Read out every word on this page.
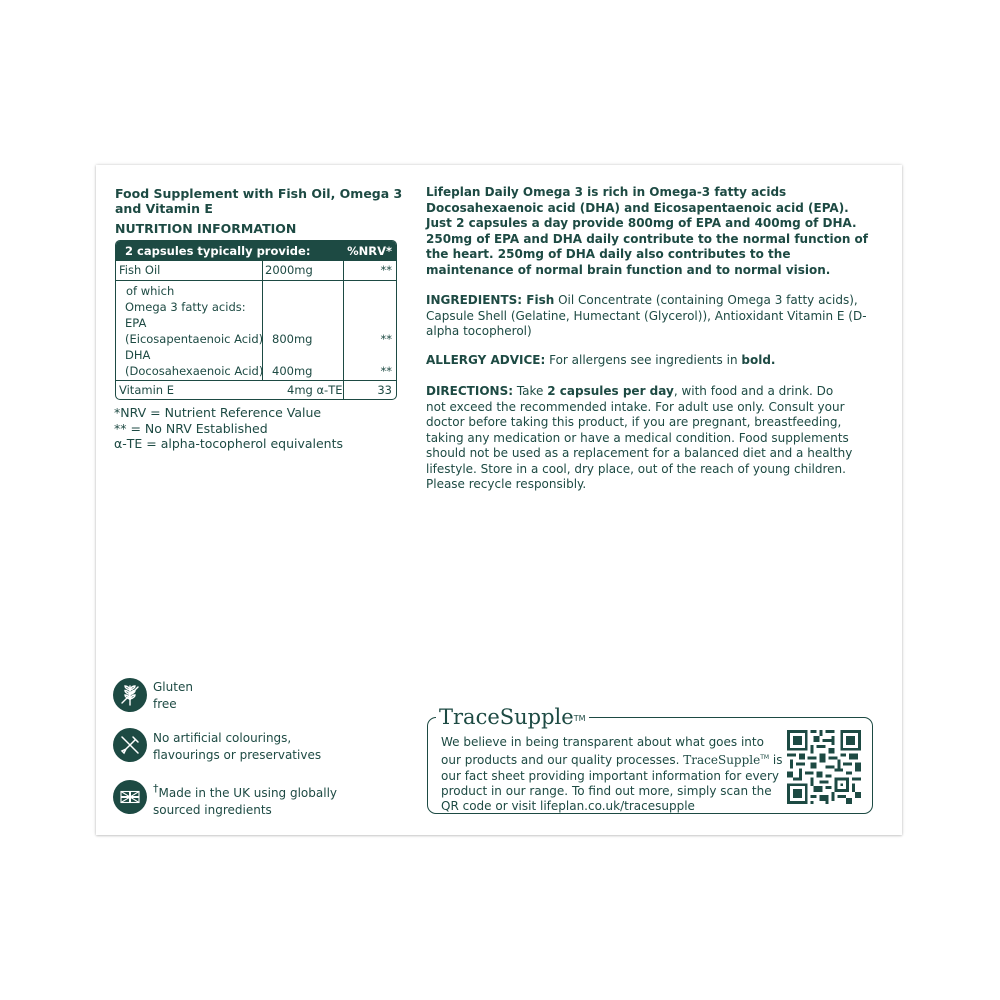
Food Supplement with Fish Oil, Omega 3 and Vitamin E
NUTRITION INFORMATION
2 capsules typically provide:	%NRV*
Fish Oil	2000mg	**
of which
Omega 3 fatty acids:
EPA
(Eicosapentaenoic Acid) 800mg	**
DHA
(Docosahexaenoic Acid) 400mg	**
Vitamin E	4mg α-TE	33
*NRV = Nutrient Reference Value
** = No NRV Established
α-TE = alpha-tocopherol equivalents
Lifeplan Daily Omega 3 is rich in Omega-3 fatty acids Docosahexaenoic acid (DHA) and Eicosapentaenoic acid (EPA). Just 2 capsules a day provide 800mg of EPA and 400mg of DHA. 250mg of EPA and DHA daily contribute to the normal function of the heart. 250mg of DHA daily also contributes to the maintenance of normal brain function and to normal vision.
INGREDIENTS: Fish Oil Concentrate (containing Omega 3 fatty acids), Capsule Shell (Gelatine, Humectant (Glycerol)), Antioxidant Vitamin E (D-alpha tocopherol)
ALLERGY ADVICE: For allergens see ingredients in bold.
DIRECTIONS: Take 2 capsules per day, with food and a drink. Do not exceed the recommended intake. For adult use only. Consult your doctor before taking this product, if you are pregnant, breastfeeding, taking any medication or have a medical condition. Food supplements should not be used as a replacement for a balanced diet and a healthy lifestyle. Store in a cool, dry place, out of the reach of young children. Please recycle responsibly.
Gluten
free
No artificial colourings,
flavourings or preservatives
†Made in the UK using globally
sourced ingredients
TraceSupple™
We believe in being transparent about what goes into our products and our quality processes. TraceSupple™ is our fact sheet providing important information for every product in our range. To find out more, simply scan the QR code or visit lifeplan.co.uk/tracesupple
